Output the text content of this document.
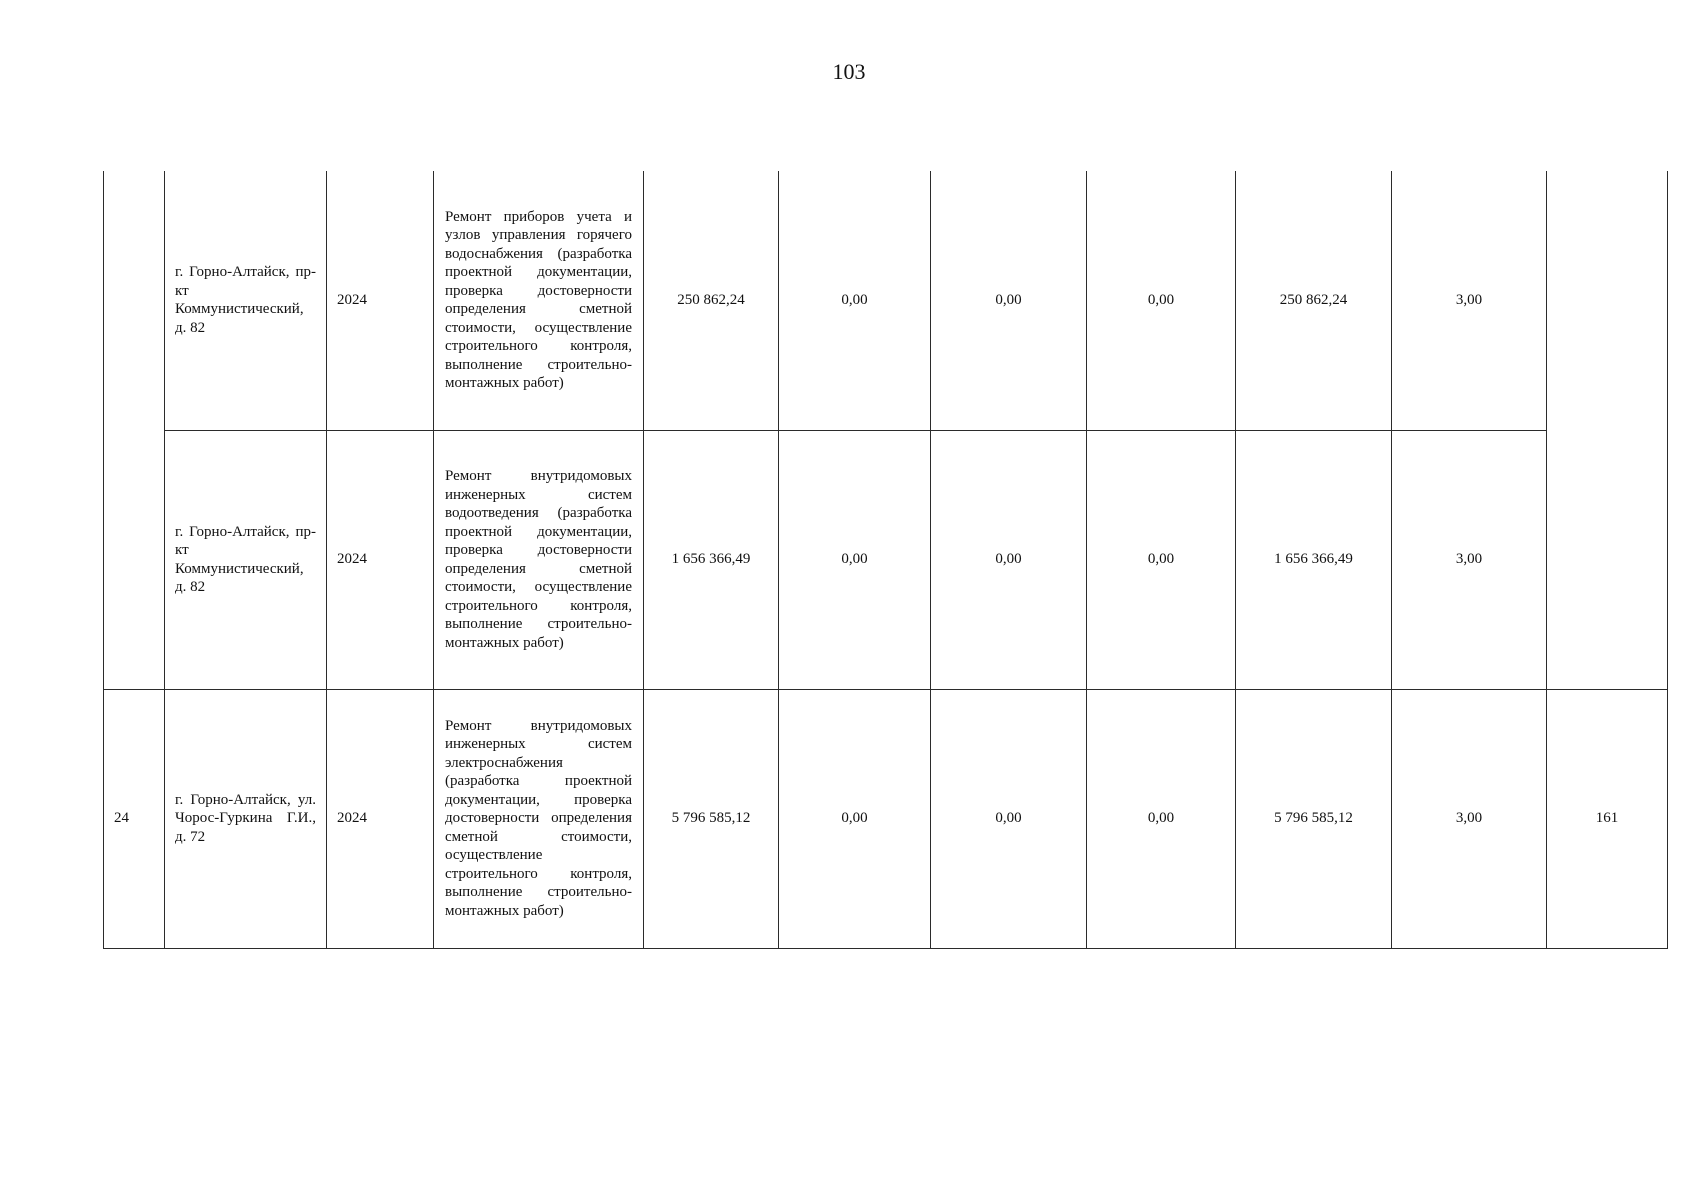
103
	г. Горно-Алтайск, пр-кт Коммунистический, д. 82	2024	Ремонт приборов учета и узлов управления горячего водоснабжения (разработка проектной документации, проверка достоверности определения сметной стоимости, осуществление строительного контроля, выполнение строительно-монтажных работ)	250 862,24	0,00	0,00	0,00	250 862,24	3,00	
	г. Горно-Алтайск, пр-кт Коммунистический, д. 82	2024	Ремонт внутридомовых инженерных систем водоотведения (разработка проектной документации, проверка достоверности определения сметной стоимости, осуществление строительного контроля, выполнение строительно-монтажных работ)	1 656 366,49	0,00	0,00	0,00	1 656 366,49	3,00	
24	г. Горно-Алтайск, ул. Чорос-Гуркина Г.И., д. 72	2024	Ремонт внутридомовых инженерных систем электроснабжения (разработка проектной документации, проверка достоверности определения сметной стоимости, осуществление строительного контроля, выполнение строительно-монтажных работ)	5 796 585,12	0,00	0,00	0,00	5 796 585,12	3,00	161
